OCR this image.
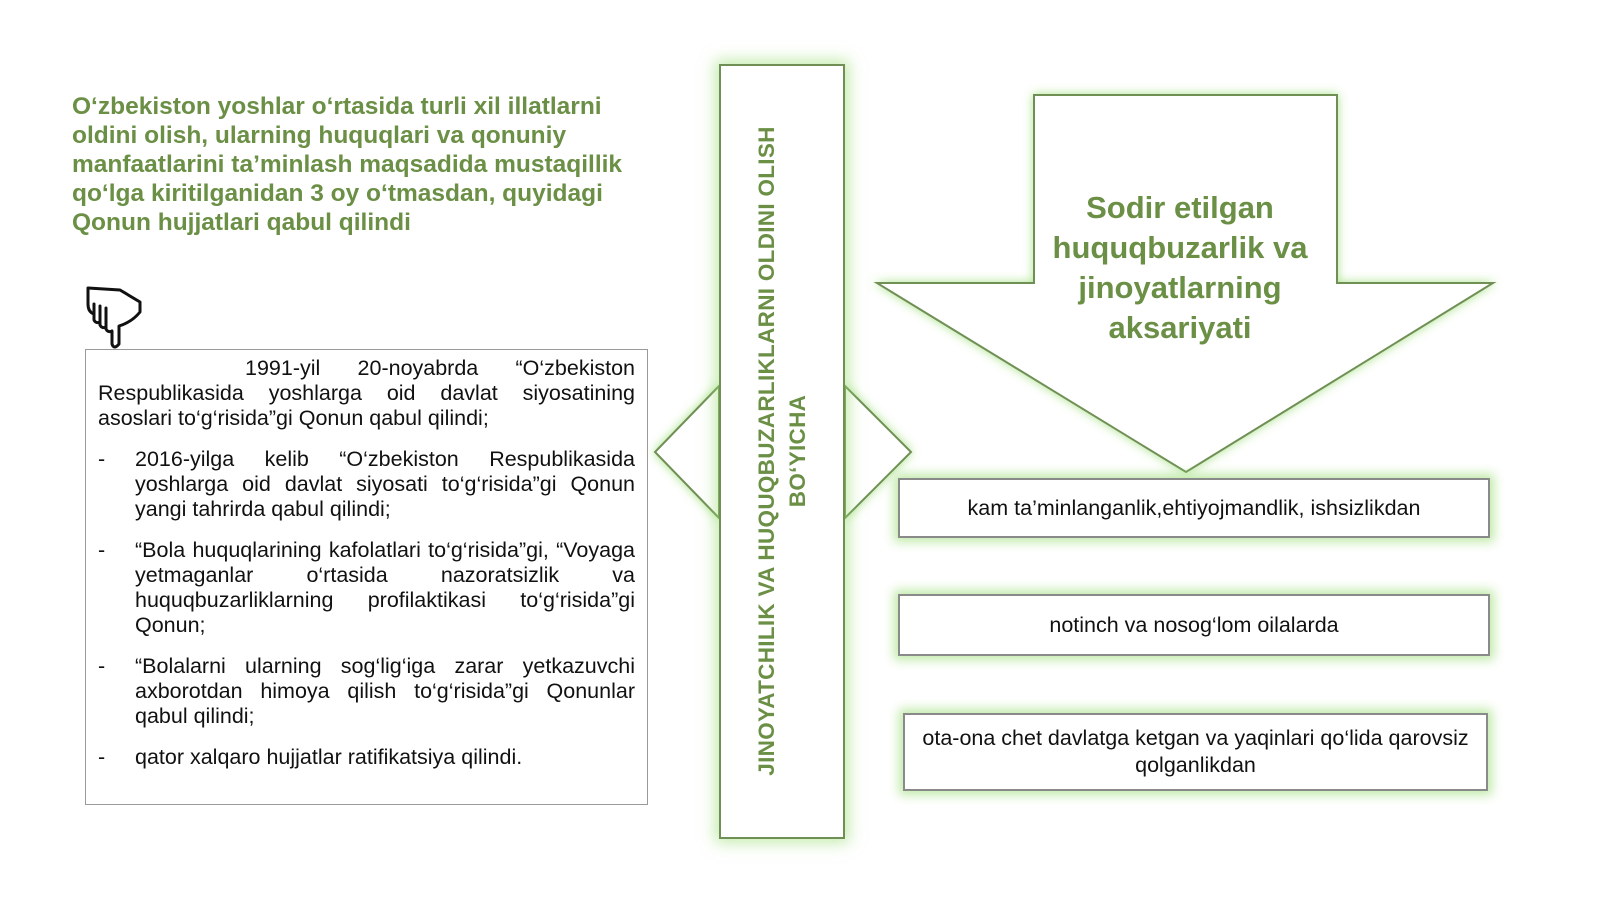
O‘zbekiston yoshlar o‘rtasida turli xil illatlarni oldini olish, ularning huquqlari va qonuniy manfaatlarini ta’minlash maqsadida mustaqillik qo‘lga kiritilganidan 3 oy o‘tmasdan, quyidagi Qonun hujjatlari qabul qilindi

1991-yil 20-noyabrda “O‘zbekiston Respublikasida yoshlarga oid davlat siyosatining asoslari to‘g‘risida”gi Qonun qabul qilindi;

- 2016-yilga kelib “O‘zbekiston Respublikasida yoshlarga oid davlat siyosati to‘g‘risida”gi Qonun yangi tahrirda qabul qilindi;
- “Bola huquqlarining kafolatlari to‘g‘risida”gi, “Voyaga yetmaganlar o‘rtasida nazoratsizlik va huquqbuzarliklarning profilaktikasi to‘g‘risida”gi Qonun;
- “Bolalarni ularning sog‘lig‘iga zarar yetkazuvchi axborotdan himoya qilish to‘g‘risida”gi Qonunlar qabul qilindi;
- qator xalqaro hujjatlar ratifikatsiya qilindi.	JINOYATCHILIK VA HUQUQBUZARLIKLARNI OLDINI OLISH BO‘YICHA
Sodir etilgan huquqbuzarlik va jinoyatlarning aksariyati
kam ta’minlanganlik,ehtiyojmandlik, ishsizlikdan
notinch va nosog‘lom oilalarda
ota-ona chet davlatga ketgan va yaqinlari qo‘lida qarovsiz qolganlikdan
